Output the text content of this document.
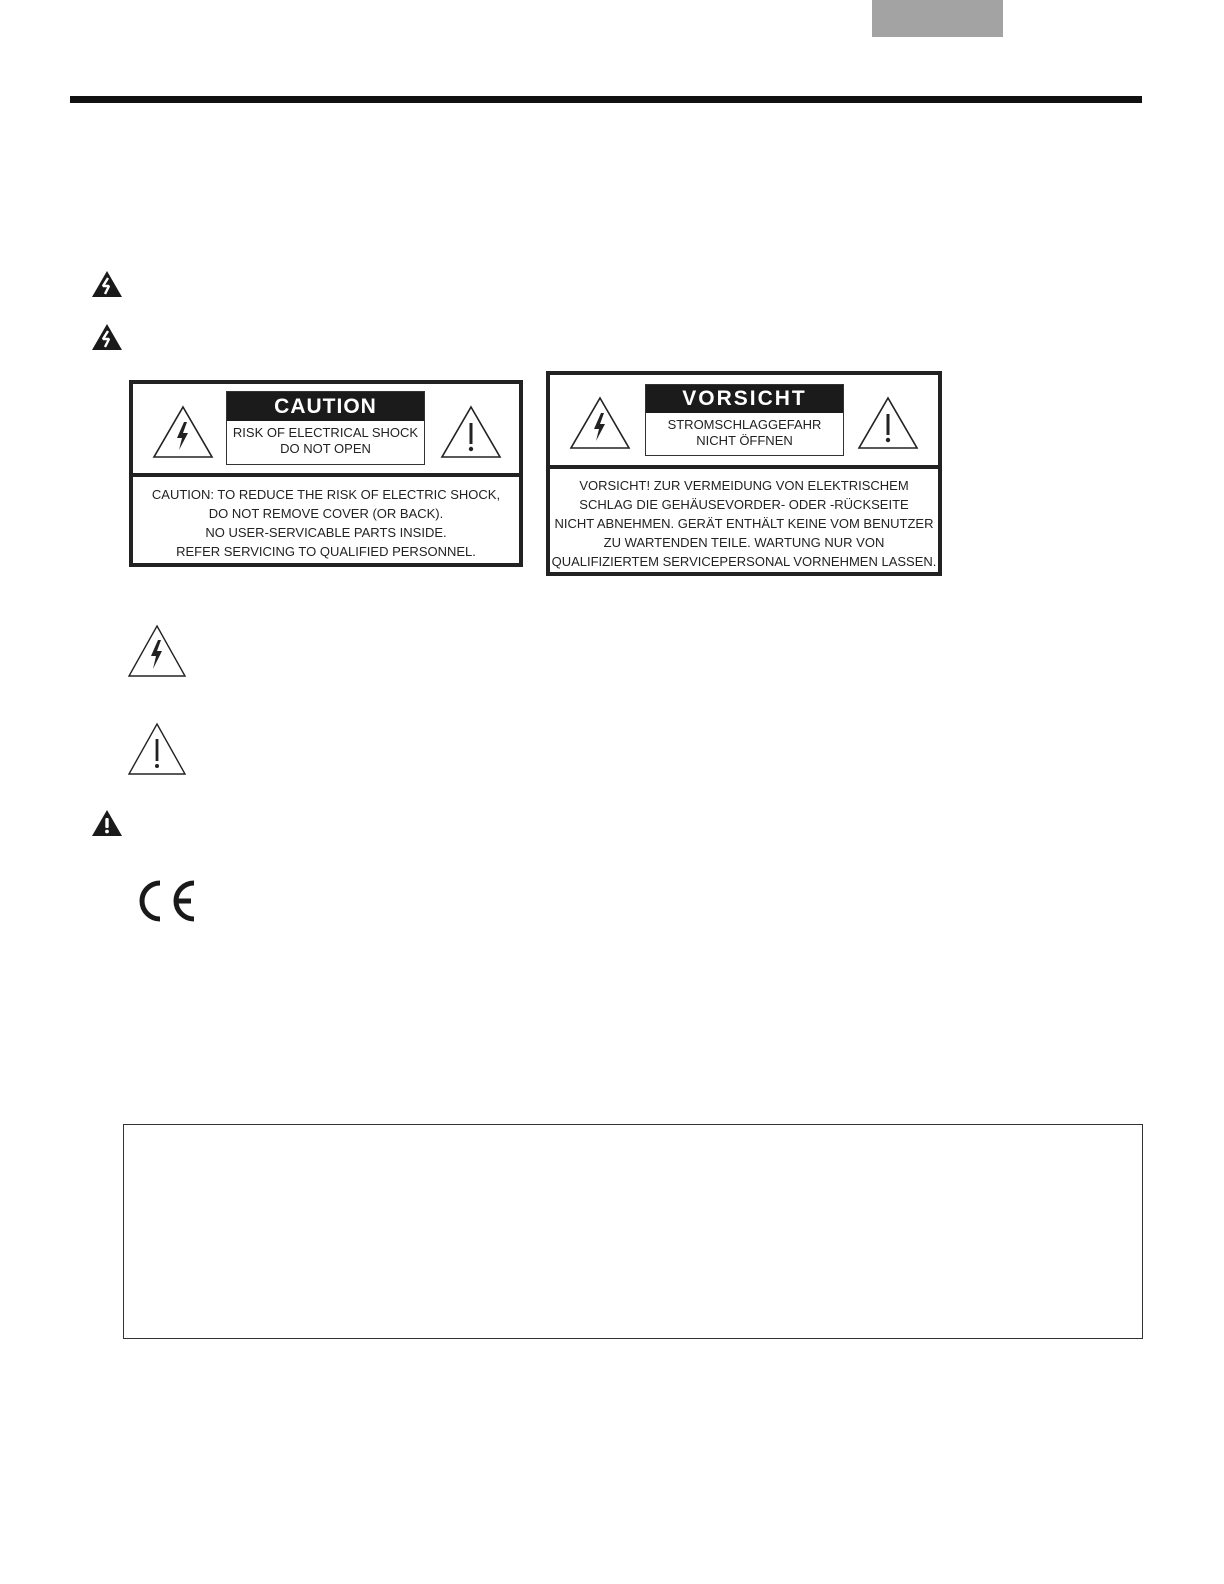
CAUTION
RISK OF ELECTRICAL SHOCK
DO NOT OPEN
CAUTION: TO REDUCE THE RISK OF ELECTRIC SHOCK,
DO NOT REMOVE COVER (OR BACK).
NO USER-SERVICABLE PARTS INSIDE.
REFER SERVICING TO QUALIFIED PERSONNEL.
VORSICHT
STROMSCHLAGGEFAHR
NICHT ÖFFNEN
VORSICHT! ZUR VERMEIDUNG VON ELEKTRISCHEM
SCHLAG DIE GEHÄUSEVORDER- ODER -RÜCKSEITE
NICHT ABNEHMEN. GERÄT ENTHÄLT KEINE VOM BENUTZER
ZU WARTENDEN TEILE. WARTUNG NUR VON
QUALIFIZIERTEM SERVICEPERSONAL VORNEHMEN LASSEN.
